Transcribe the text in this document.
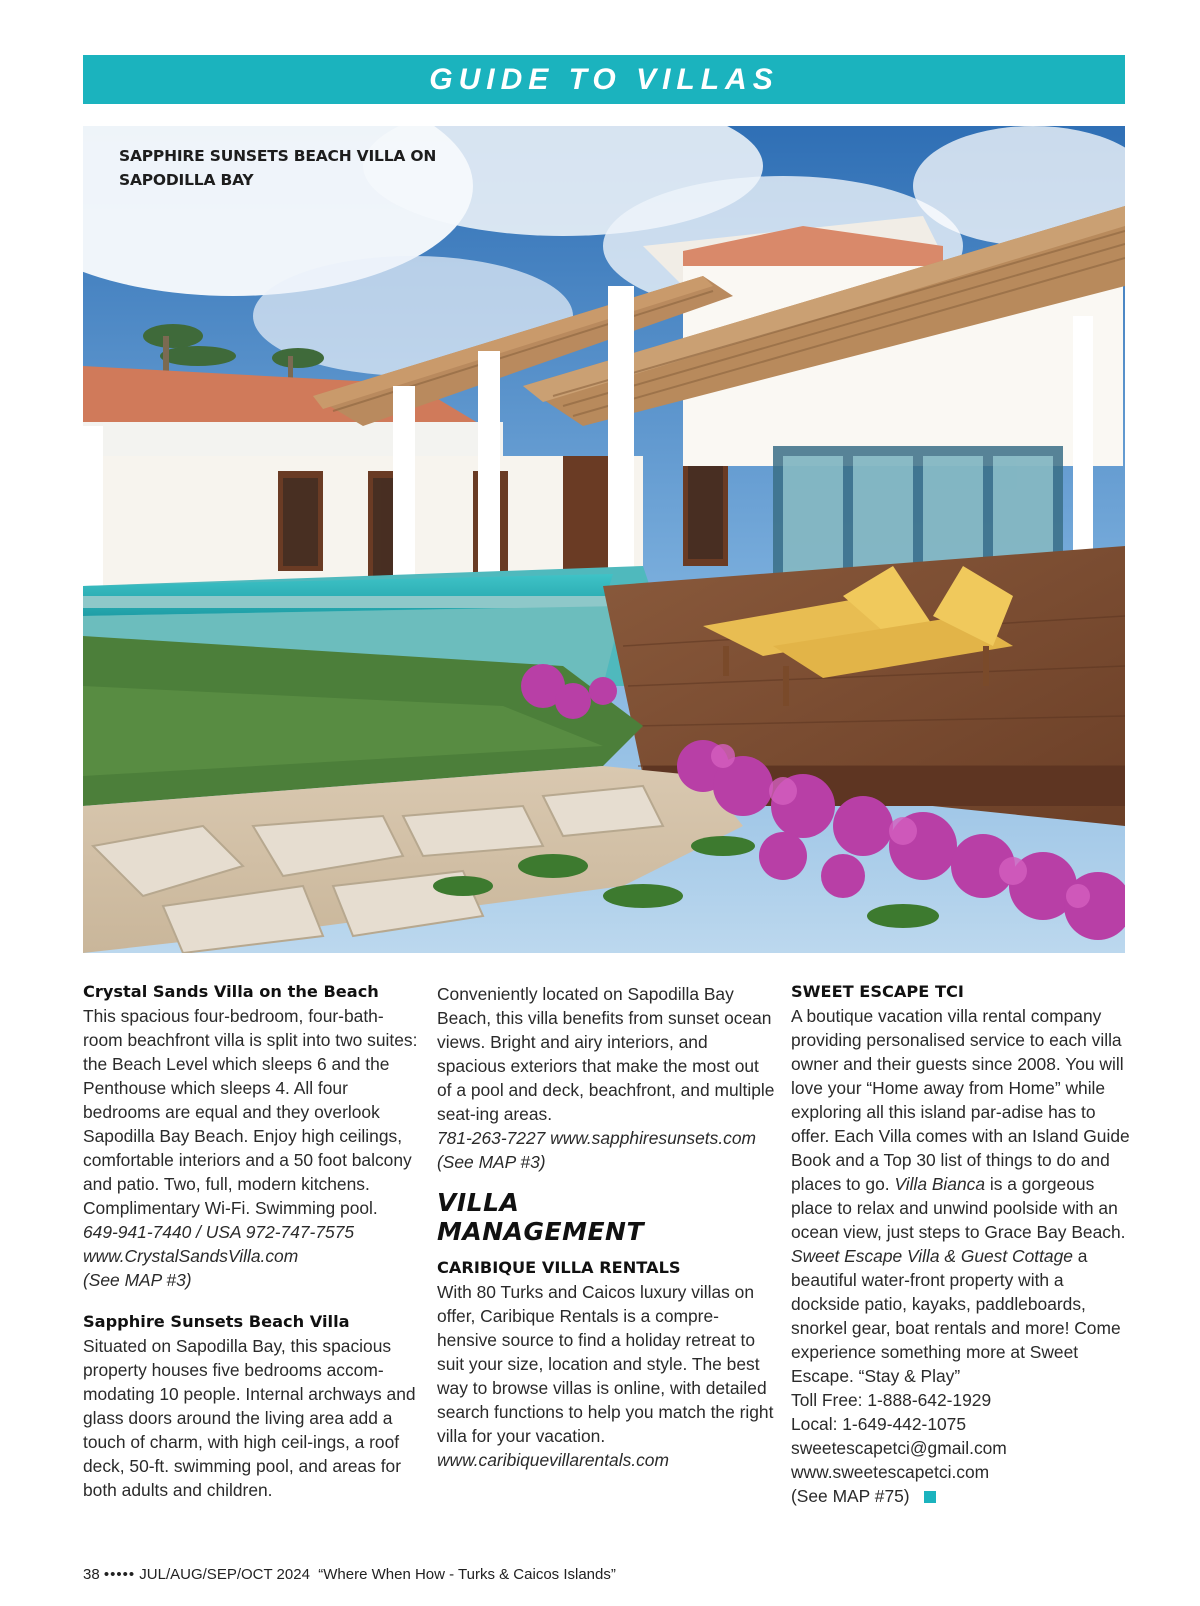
GUIDE TO VILLAS
SAPPHIRE SUNSETS BEACH VILLA ON SAPODILLA BAY
Crystal Sands Villa on the Beach
This spacious four-bedroom, four-bath-room beachfront villa is split into two suites: the Beach Level which sleeps 6 and the Penthouse which sleeps 4. All four bedrooms are equal and they overlook Sapodilla Bay Beach. Enjoy high ceilings, comfortable interiors and a 50 foot balcony and patio. Two, full, modern kitchens. Complimentary Wi-Fi. Swimming pool.
649-941-7440 / USA 972-747-7575
www.CrystalSandsVilla.com
(See MAP #3)
Sapphire Sunsets Beach Villa
Situated on Sapodilla Bay, this spacious property houses five bedrooms accom-modating 10 people. Internal archways and glass doors around the living area add a touch of charm, with high ceil-ings, a roof deck, 50-ft. swimming pool, and areas for both adults and children.
Conveniently located on Sapodilla Bay Beach, this villa benefits from sunset ocean views. Bright and airy interiors, and spacious exteriors that make the most out of a pool and deck, beachfront, and multiple seat-ing areas.
781-263-7227 www.sapphiresunsets.com
(See MAP #3)
VILLA
MANAGEMENT
CARIBIQUE VILLA RENTALS
With 80 Turks and Caicos luxury villas on offer, Caribique Rentals is a compre-hensive source to find a holiday retreat to suit your size, location and style. The best way to browse villas is online, with detailed search functions to help you match the right villa for your vacation.
www.caribiquevillarentals.com
SWEET ESCAPE TCI
A boutique vacation villa rental company providing personalised service to each villa owner and their guests since 2008. You will love your “Home away from Home” while exploring all this island par-adise has to offer. Each Villa comes with an Island Guide Book and a Top 30 list of things to do and places to go. Villa Bianca is a gorgeous place to relax and unwind poolside with an ocean view, just steps to Grace Bay Beach. Sweet Escape Villa & Guest Cottage a beautiful water-front property with a dockside patio, kayaks, paddleboards, snorkel gear, boat rentals and more! Come experience something more at Sweet Escape. “Stay & Play”
Toll Free: 1-888-642-1929
Local: 1-649-442-1075
sweetescapetci@gmail.com
www.sweetescapetci.com
(See MAP #75)
38 ••••• JUL/AUG/SEP/OCT 2024 “Where When How - Turks & Caicos Islands”
